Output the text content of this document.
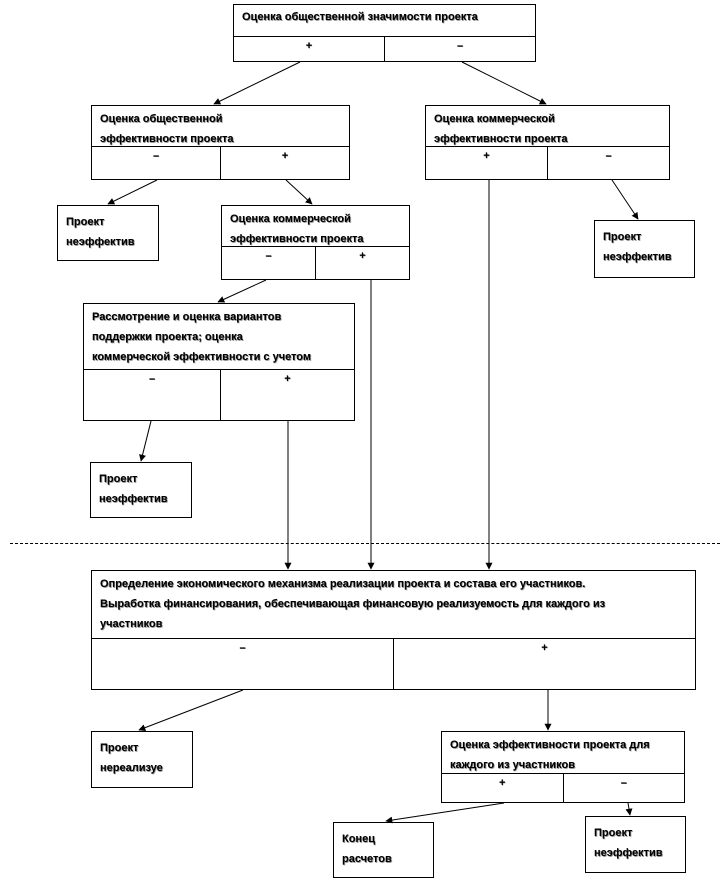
Оценка общественной значимости проекта
+	–
Оценка общественной
эффективности проекта
–	+
Оценка коммерческой
эффективности проекта
+	–
Проект
неэффектив
Оценка коммерческой
эффективности проекта
–	+
Проект
неэффектив
Рассмотрение и оценка вариантов
поддержки проекта; оценка
коммерческой эффективности с учетом
–	+
Проект
неэффектив
Определение экономического механизма реализации проекта и состава его участников.
Выработка финансирования, обеспечивающая финансовую реализуемость для каждого из
участников
–	+
Проект
нереализуе
Оценка эффективности проекта для
каждого из участников
+	–
Конец
расчетов
Проект
неэффектив
